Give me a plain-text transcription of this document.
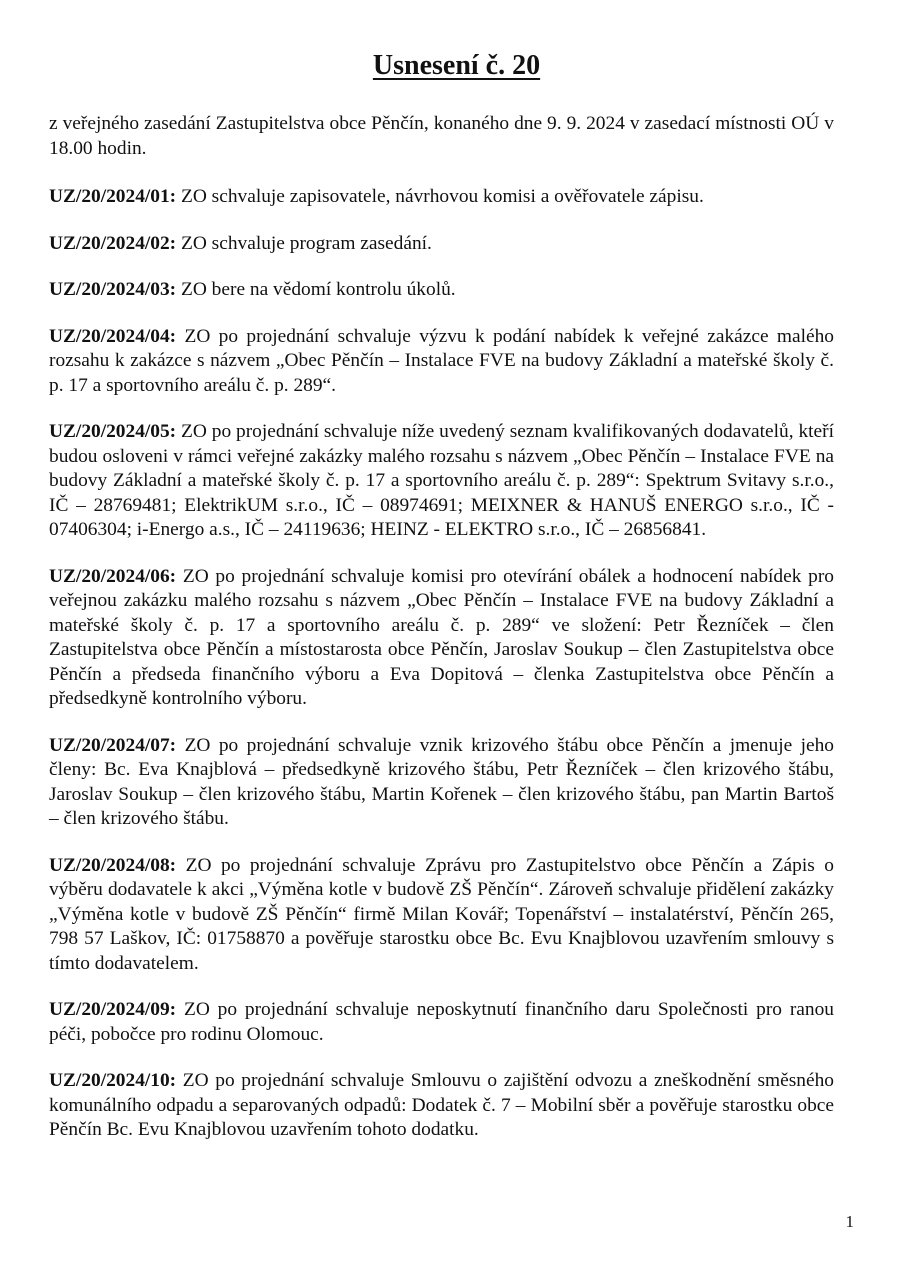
Usnesení č. 20

z veřejného zasedání Zastupitelstva obce Pěnčín, konaného dne 9. 9. 2024 v zasedací místnosti OÚ v 18.00 hodin.

UZ/20/2024/01: ZO schvaluje zapisovatele, návrhovou komisi a ověřovatele zápisu.

UZ/20/2024/02: ZO schvaluje program zasedání.

UZ/20/2024/03: ZO bere na vědomí kontrolu úkolů.

UZ/20/2024/04: ZO po projednání schvaluje výzvu k podání nabídek k veřejné zakázce malého rozsahu k zakázce s názvem „Obec Pěnčín – Instalace FVE na budovy Základní a mateřské školy č. p. 17 a sportovního areálu č. p. 289“.

UZ/20/2024/05: ZO po projednání schvaluje níže uvedený seznam kvalifikovaných dodavatelů, kteří budou osloveni v rámci veřejné zakázky malého rozsahu s názvem „Obec Pěnčín – Instalace FVE na budovy Základní a mateřské školy č. p. 17 a sportovního areálu č. p. 289“: Spektrum Svitavy s.r.o., IČ – 28769481; ElektrikUM s.r.o., IČ – 08974691; MEIXNER & HANUŠ ENERGO s.r.o., IČ - 07406304; i-Energo a.s., IČ – 24119636; HEINZ - ELEKTRO s.r.o., IČ – 26856841.

UZ/20/2024/06: ZO po projednání schvaluje komisi pro otevírání obálek a hodnocení nabídek pro veřejnou zakázku malého rozsahu s názvem „Obec Pěnčín – Instalace FVE na budovy Základní a mateřské školy č. p. 17 a sportovního areálu č. p. 289“ ve složení: Petr Řezníček – člen Zastupitelstva obce Pěnčín a místostarosta obce Pěnčín, Jaroslav Soukup – člen Zastupitelstva obce Pěnčín a předseda finančního výboru a Eva Dopitová – členka Zastupitelstva obce Pěnčín a předsedkyně kontrolního výboru.

UZ/20/2024/07: ZO po projednání schvaluje vznik krizového štábu obce Pěnčín a jmenuje jeho členy: Bc. Eva Knajblová – předsedkyně krizového štábu, Petr Řezníček – člen krizového štábu, Jaroslav Soukup – člen krizového štábu, Martin Kořenek – člen krizového štábu, pan Martin Bartoš – člen krizového štábu.

UZ/20/2024/08: ZO po projednání schvaluje Zprávu pro Zastupitelstvo obce Pěnčín a Zápis o výběru dodavatele k akci „Výměna kotle v budově ZŠ Pěnčín“. Zároveň schvaluje přidělení zakázky „Výměna kotle v budově ZŠ Pěnčín“ firmě Milan Kovář; Topenářství – instalatérství, Pěnčín 265, 798 57 Laškov, IČ: 01758870 a pověřuje starostku obce Bc. Evu Knajblovou uzavřením smlouvy s tímto dodavatelem.

UZ/20/2024/09: ZO po projednání schvaluje neposkytnutí finančního daru Společnosti pro ranou péči, pobočce pro rodinu Olomouc.

UZ/20/2024/10: ZO po projednání schvaluje Smlouvu o zajištění odvozu a zneškodnění směsného komunálního odpadu a separovaných odpadů: Dodatek č. 7 – Mobilní sběr a pověřuje starostku obce Pěnčín Bc. Evu Knajblovou uzavřením tohoto dodatku.

1
